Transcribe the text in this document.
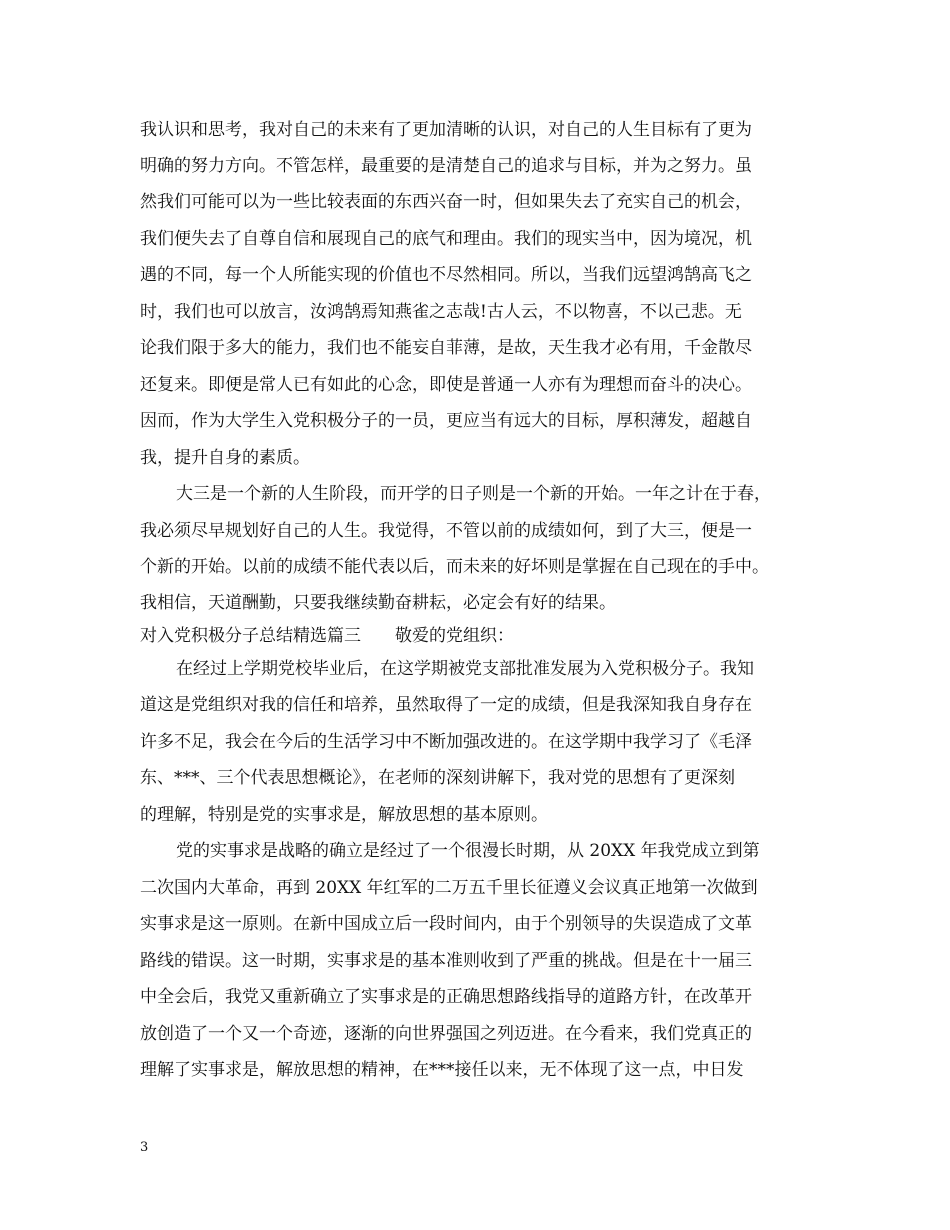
我认识和思考，我对自己的未来有了更加清晰的认识，对自己的人生目标有了更为
明确的努力方向。不管怎样，最重要的是清楚自己的追求与目标，并为之努力。虽
然我们可能可以为一些比较表面的东西兴奋一时，但如果失去了充实自己的机会，
我们便失去了自尊自信和展现自己的底气和理由。我们的现实当中，因为境况，机
遇的不同，每一个人所能实现的价值也不尽然相同。所以，当我们远望鸿鹄高飞之
时，我们也可以放言，汝鸿鹄焉知燕雀之志哉!古人云，不以物喜，不以己悲。无
论我们限于多大的能力，我们也不能妄自菲薄，是故，天生我才必有用，千金散尽
还复来。即便是常人已有如此的心念，即使是普通一人亦有为理想而奋斗的决心。
因而，作为大学生入党积极分子的一员，更应当有远大的目标，厚积薄发，超越自
我，提升自身的素质。
大三是一个新的人生阶段，而开学的日子则是一个新的开始。一年之计在于春，
我必须尽早规划好自己的人生。我觉得，不管以前的成绩如何，到了大三，便是一
个新的开始。以前的成绩不能代表以后，而未来的好坏则是掌握在自己现在的手中。
我相信，天道酬勤，只要我继续勤奋耕耘，必定会有好的结果。
对入党积极分子总结精选篇三　　敬爱的党组织：
在经过上学期党校毕业后，在这学期被党支部批准发展为入党积极分子。我知
道这是党组织对我的信任和培养，虽然取得了一定的成绩，但是我深知我自身存在
许多不足，我会在今后的生活学习中不断加强改进的。在这学期中我学习了《毛泽
东、***、三个代表思想概论》，在老师的深刻讲解下，我对党的思想有了更深刻
的理解，特别是党的实事求是，解放思想的基本原则。
党的实事求是战略的确立是经过了一个很漫长时期，从 20XX 年我党成立到第
二次国内大革命，再到 20XX 年红军的二万五千里长征遵义会议真正地第一次做到
实事求是这一原则。在新中国成立后一段时间内，由于个别领导的失误造成了文革
路线的错误。这一时期，实事求是的基本准则收到了严重的挑战。但是在十一届三
中全会后，我党又重新确立了实事求是的正确思想路线指导的道路方针，在改革开
放创造了一个又一个奇迹，逐渐的向世界强国之列迈进。在今看来，我们党真正的
理解了实事求是，解放思想的精神，在***接任以来，无不体现了这一点，中日发
3
